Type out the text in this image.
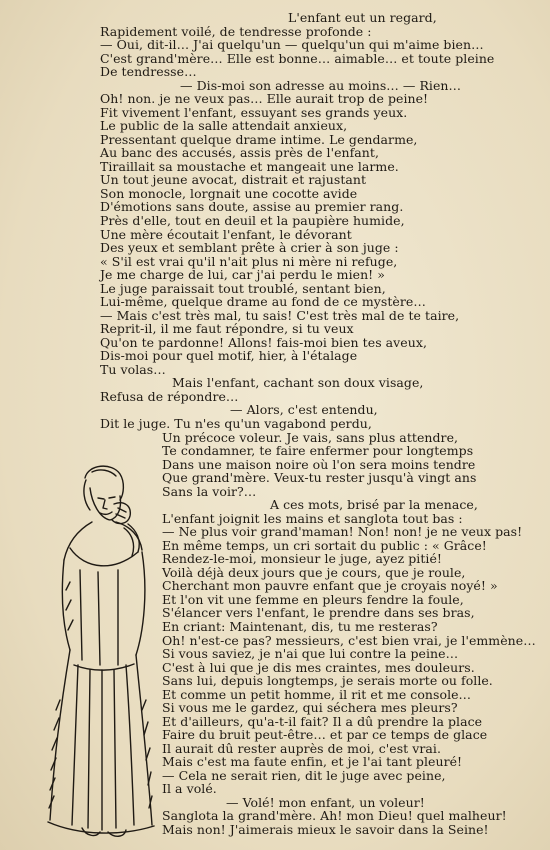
L'enfant eut un regard,
Rapidement voilé, de tendresse profonde :
— Oui, dit-il… J'ai quelqu'un — quelqu'un qui m'aime bien…
C'est grand'mère… Elle est bonne… aimable… et toute pleine
De tendresse…
— Dis-moi son adresse au moins… — Rien…
Oh! non. je ne veux pas… Elle aurait trop de peine!
Fit vivement l'enfant, essuyant ses grands yeux.
Le public de la salle attendait anxieux,
Pressentant quelque drame intime. Le gendarme,
Au banc des accusés, assis près de l'enfant,
Tiraillait sa moustache et mangeait une larme.
Un tout jeune avocat, distrait et rajustant
Son monocle, lorgnait une cocotte avide
D'émotions sans doute, assise au premier rang.
Près d'elle, tout en deuil et la paupière humide,
Une mère écoutait l'enfant, le dévorant
Des yeux et semblant prête à crier à son juge :
« S'il est vrai qu'il n'ait plus ni mère ni refuge,
Je me charge de lui, car j'ai perdu le mien! »
Le juge paraissait tout troublé, sentant bien,
Lui-même, quelque drame au fond de ce mystère…
— Mais c'est très mal, tu sais! C'est très mal de te taire,
Reprit-il, il me faut répondre, si tu veux
Qu'on te pardonne! Allons! fais-moi bien tes aveux,
Dis-moi pour quel motif, hier, à l'étalage
Tu volas…
Mais l'enfant, cachant son doux visage,
Refusa de répondre…
— Alors, c'est entendu,
Dit le juge. Tu n'es qu'un vagabond perdu,
Un précoce voleur. Je vais, sans plus attendre,
Te condamner, te faire enfermer pour longtemps
Dans une maison noire où l'on sera moins tendre
Que grand'mère. Veux-tu rester jusqu'à vingt ans
Sans la voir?…
A ces mots, brisé par la menace,
L'enfant joignit les mains et sanglota tout bas :
— Ne plus voir grand'maman! Non! non! je ne veux pas!
En même temps, un cri sortait du public : « Grâce!
Rendez-le-moi, monsieur le juge, ayez pitié!
Voilà déjà deux jours que je cours, que je roule,
Cherchant mon pauvre enfant que je croyais noyé! »
Et l'on vit une femme en pleurs fendre la foule,
S'élancer vers l'enfant, le prendre dans ses bras,
En criant: Maintenant, dis, tu me resteras?
Oh! n'est-ce pas? messieurs, c'est bien vrai, je l'emmène…
Si vous saviez, je n'ai que lui contre la peine…
C'est à lui que je dis mes craintes, mes douleurs.
Sans lui, depuis longtemps, je serais morte ou folle.
Et comme un petit homme, il rit et me console…
Si vous me le gardez, qui séchera mes pleurs?
Et d'ailleurs, qu'a-t-il fait? Il a dû prendre la place
Faire du bruit peut-être… et par ce temps de glace
Il aurait dû rester auprès de moi, c'est vrai.
Mais c'est ma faute enfin, et je l'ai tant pleuré!
— Cela ne serait rien, dit le juge avec peine,
Il a volé.
— Volé! mon enfant, un voleur!
Sanglota la grand'mère. Ah! mon Dieu! quel malheur!
Mais non! J'aimerais mieux le savoir dans la Seine!
